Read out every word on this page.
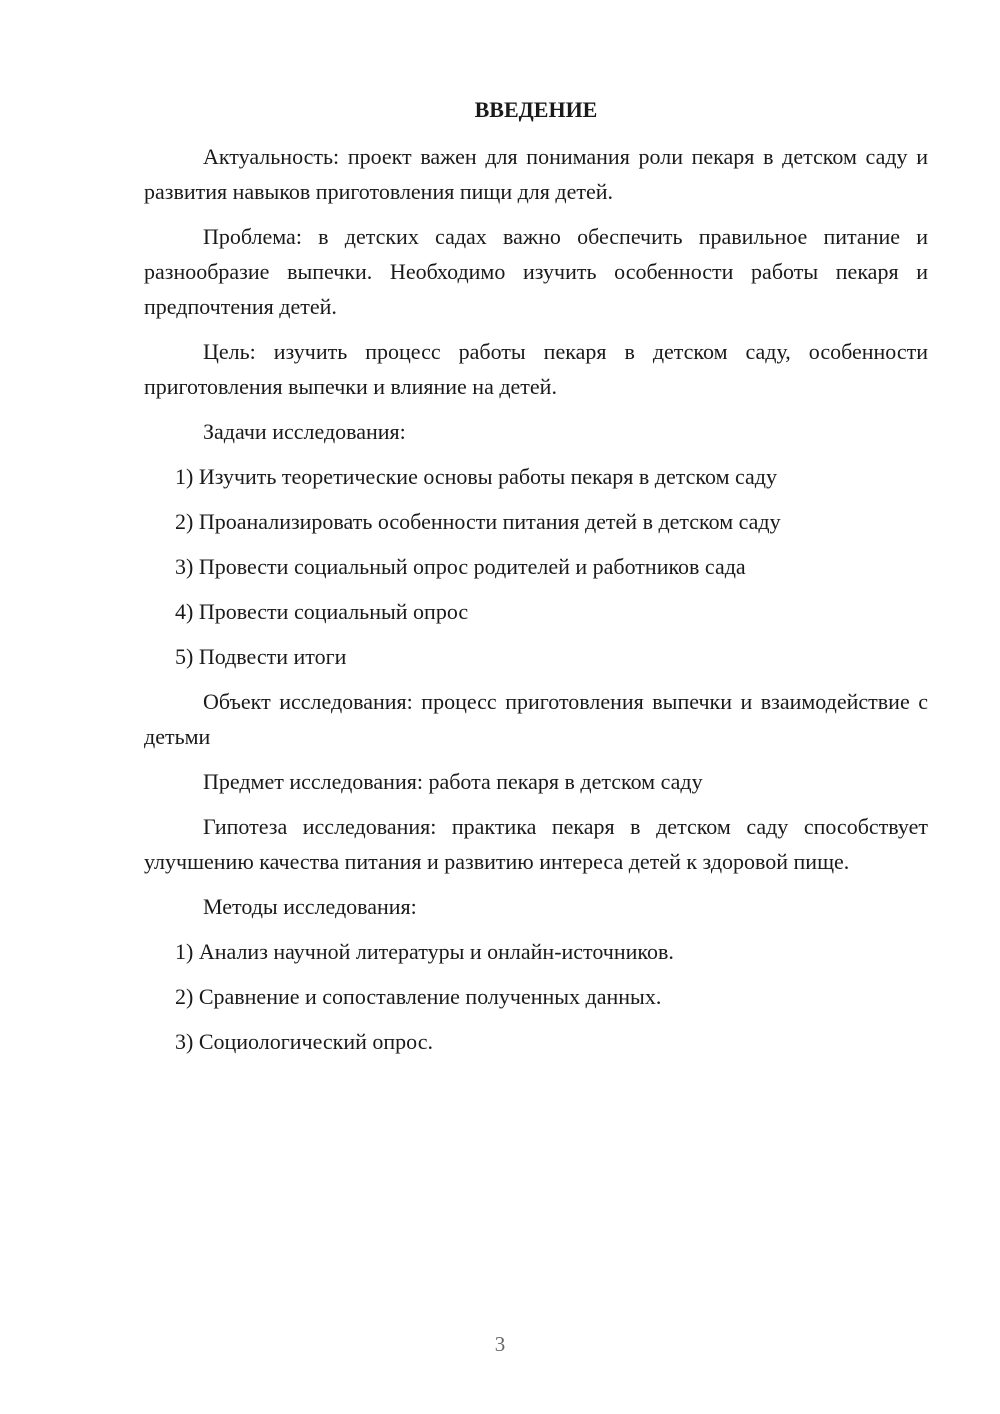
ВВЕДЕНИЕ

Актуальность: проект важен для понимания роли пекаря в детском саду и развития навыков приготовления пищи для детей.

Проблема: в детских садах важно обеспечить правильное питание и разнообразие выпечки. Необходимо изучить особенности работы пекаря и предпочтения детей.

Цель: изучить процесс работы пекаря в детском саду, особенности приготовления выпечки и влияние на детей.

Задачи исследования:

1) Изучить теоретические основы работы пекаря в детском саду
2) Проанализировать особенности питания детей в детском саду
3) Провести социальный опрос родителей и работников сада
4) Провести социальный опрос
5) Подвести итоги

Объект исследования: процесс приготовления выпечки и взаимодействие с детьми

Предмет исследования: работа пекаря в детском саду

Гипотеза исследования: практика пекаря в детском саду способствует улучшению качества питания и развитию интереса детей к здоровой пище.

Методы исследования:

1) Анализ научной литературы и онлайн-источников.
2) Сравнение и сопоставление полученных данных.
3) Социологический опрос.
3
